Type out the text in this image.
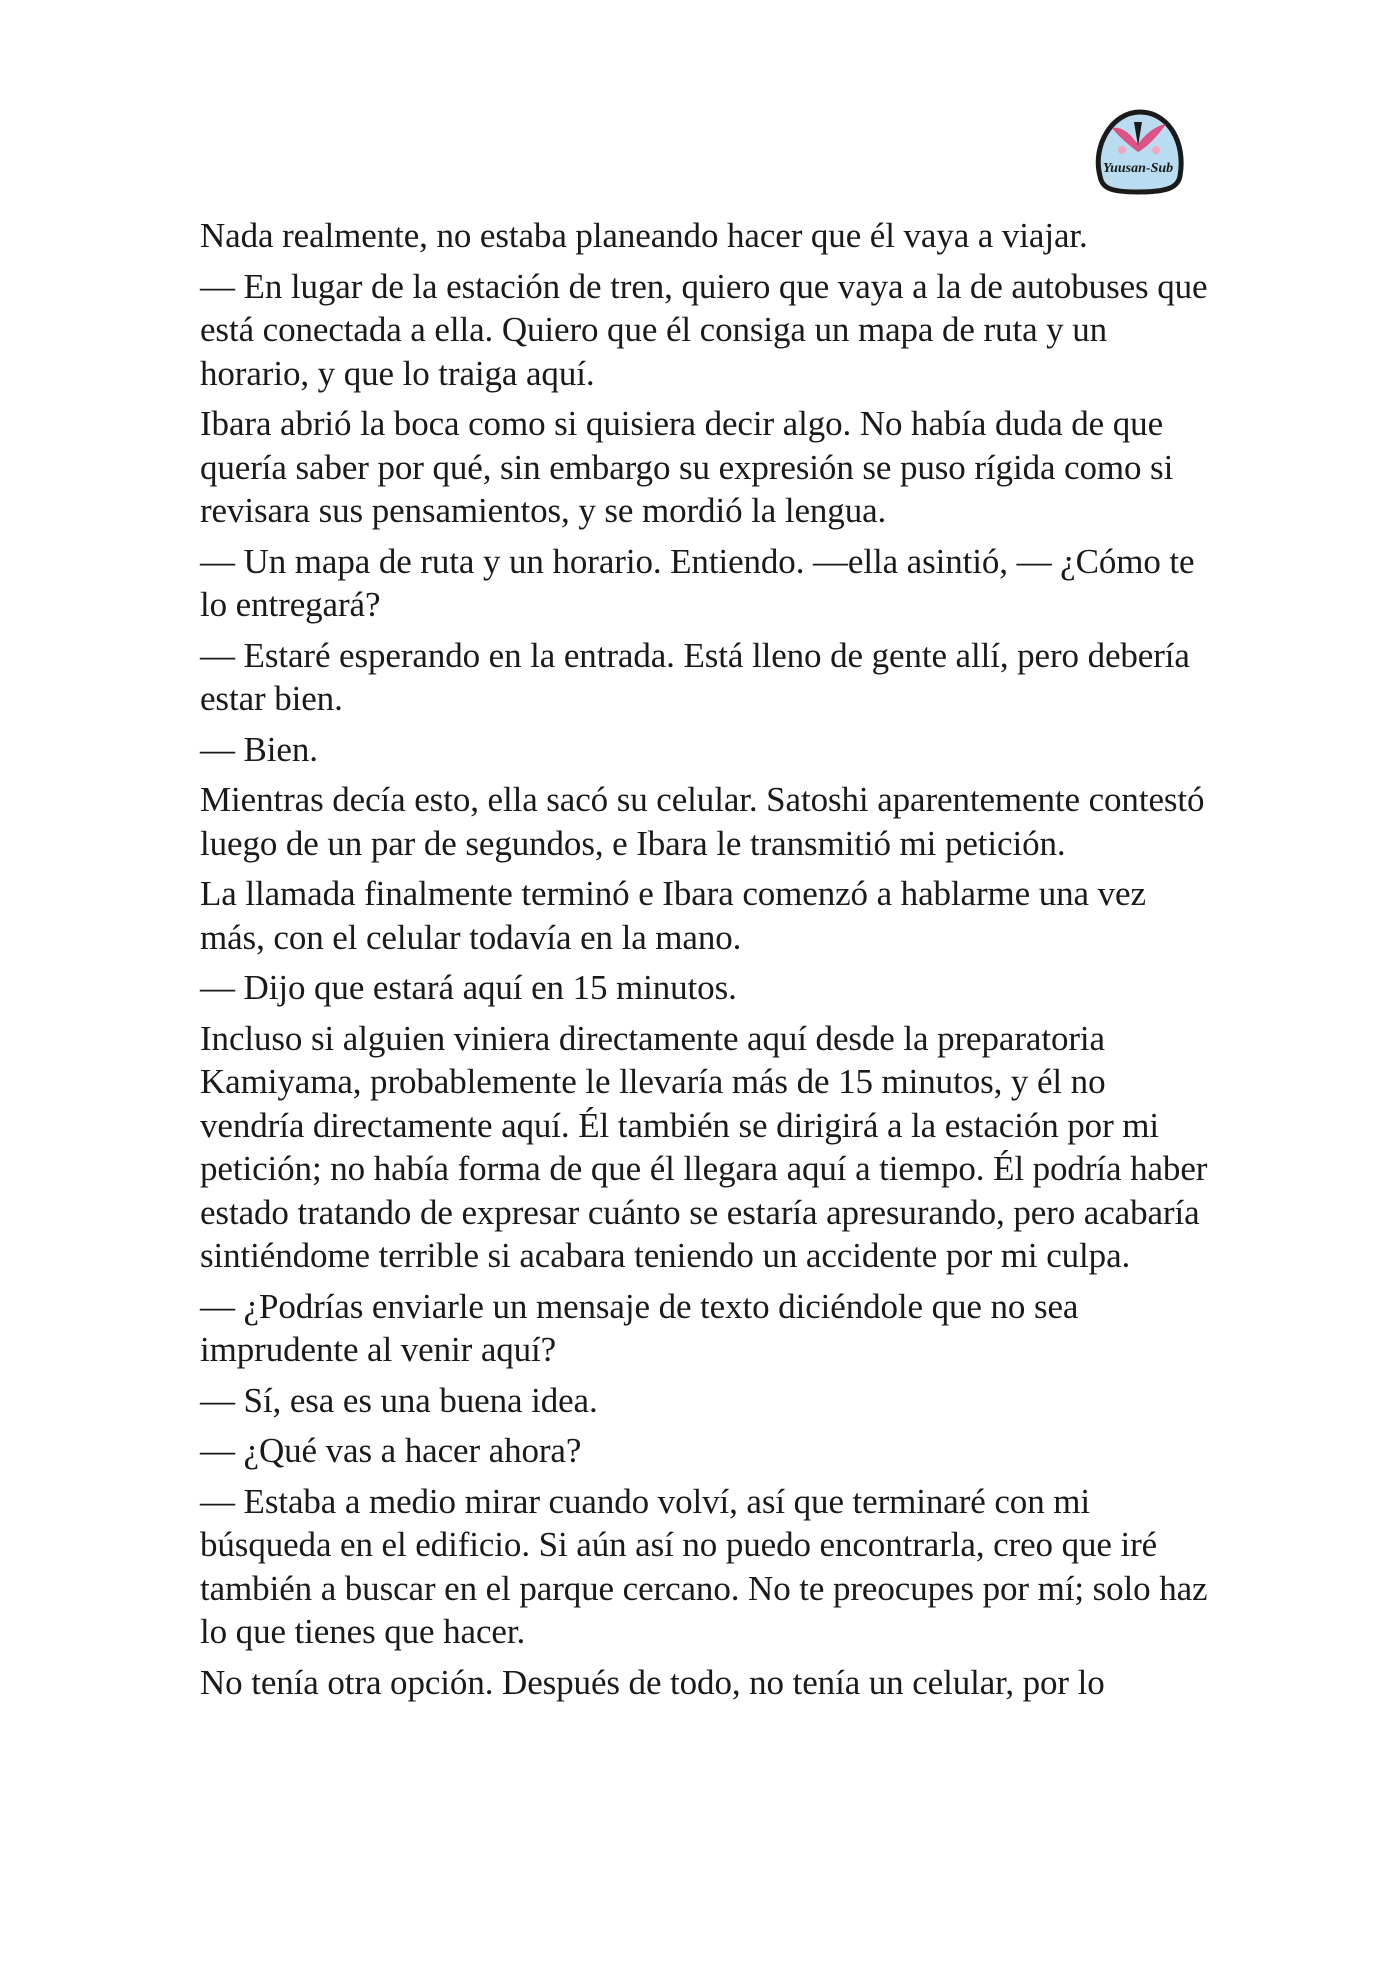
Yuusan-Sub

Nada realmente, no estaba planeando hacer que él vaya a viajar.

— En lugar de la estación de tren, quiero que vaya a la de autobuses que está conectada a ella. Quiero que él consiga un mapa de ruta y un horario, y que lo traiga aquí.

Ibara abrió la boca como si quisiera decir algo. No había duda de que quería saber por qué, sin embargo su expresión se puso rígida como si revisara sus pensamientos, y se mordió la lengua.

— Un mapa de ruta y un horario. Entiendo. —ella asintió, — ¿Cómo te lo entregará?

— Estaré esperando en la entrada. Está lleno de gente allí, pero debería estar bien.

— Bien.

Mientras decía esto, ella sacó su celular. Satoshi aparentemente contestó luego de un par de segundos, e Ibara le transmitió mi petición.

La llamada finalmente terminó e Ibara comenzó a hablarme una vez más, con el celular todavía en la mano.

— Dijo que estará aquí en 15 minutos.

Incluso si alguien viniera directamente aquí desde la preparatoria Kamiyama, probablemente le llevaría más de 15 minutos, y él no vendría directamente aquí. Él también se dirigirá a la estación por mi petición; no había forma de que él llegara aquí a tiempo. Él podría haber estado tratando de expresar cuánto se estaría apresurando, pero acabaría sintiéndome terrible si acabara teniendo un accidente por mi culpa.

— ¿Podrías enviarle un mensaje de texto diciéndole que no sea imprudente al venir aquí?

— Sí, esa es una buena idea.

— ¿Qué vas a hacer ahora?

— Estaba a medio mirar cuando volví, así que terminaré con mi búsqueda en el edificio. Si aún así no puedo encontrarla, creo que iré también a buscar en el parque cercano. No te preocupes por mí; solo haz lo que tienes que hacer.

No tenía otra opción. Después de todo, no tenía un celular, por lo
